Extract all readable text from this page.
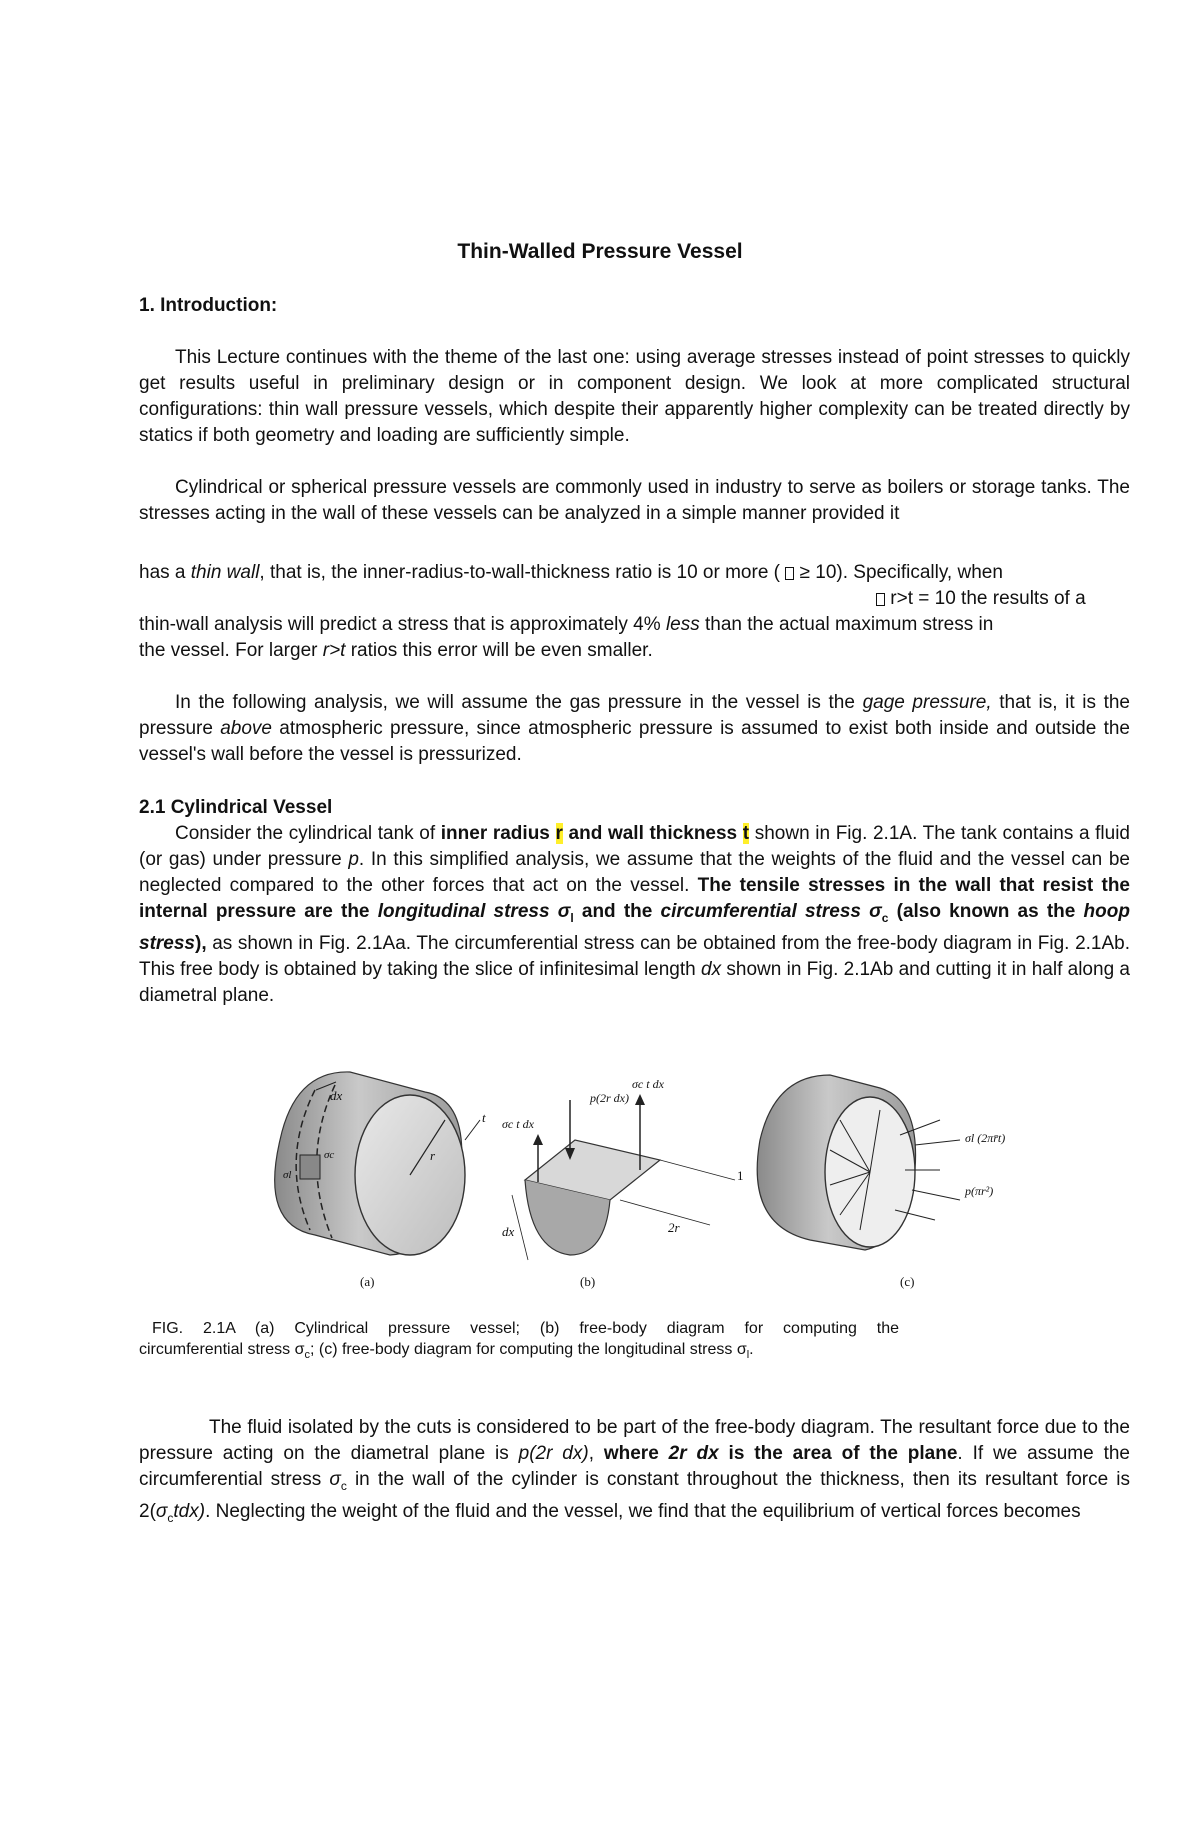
Thin-Walled Pressure Vessel
1. Introduction:

This Lecture continues with the theme of the last one: using average stresses instead of point stresses to quickly get results useful in preliminary design or in component design. We look at more complicated structural configurations: thin wall pressure vessels, which despite their apparently higher complexity can be treated directly by statics if both geometry and loading are sufficiently simple.

Cylindrical or spherical pressure vessels are commonly used in industry to serve as boilers or storage tanks. The stresses acting in the wall of these vessels can be analyzed in a simple manner provided it

has a thin wall, that is, the inner-radius-to-wall-thickness ratio is 10 or more (  ≥ 10). Specifically, when
r>t = 10 the results of a
thin-wall analysis will predict a stress that is approximately 4% less than the actual maximum stress in
the vessel. For larger r>t ratios this error will be even smaller.

In the following analysis, we will assume the gas pressure in the vessel is the gage pressure, that is, it is the pressure above atmospheric pressure, since atmospheric pressure is assumed to exist both inside and outside the vessel's wall before the vessel is pressurized.

2.1 Cylindrical Vessel

Consider the cylindrical tank of inner radius r and wall thickness t shown in Fig. 2.1A. The tank contains a fluid (or gas) under pressure p. In this simplified analysis, we assume that the weights of the fluid and the vessel can be neglected compared to the other forces that act on the vessel. The tensile stresses in the wall that resist the internal pressure are the longitudinal stress $\sigma_l$ and the circumferential stress $\sigma_c$ (also known as the hoop stress), as shown in Fig. 2.1Aa. The circumferential stress can be obtained from the free-body diagram in Fig. 2.1Ab. This free body is obtained by taking the slice of infinitesimal length dx shown in Fig. 2.1Ab and cutting it in half along a diametral plane.

dx
t
r
σc
σl
(a)
p(2r dx)
σc t dx
σc t dx
dx	2r
1
(b)
σl (2πr̄t)
p(πr²)
(c)
FIG. 2.1A (a) Cylindrical pressure vessel; (b) free-body diagram for computing the
circumferential stress $\sigma_c$; (c) free-body diagram for computing the longitudinal stress $\sigma_l$.

The fluid isolated by the cuts is considered to be part of the free-body diagram. The resultant force due to the pressure acting on the diametral plane is p(2r dx), where 2r dx is the area of the plane. If we assume the circumferential stress $\sigma_c$ in the wall of the cylinder is constant throughout the thickness, then its resultant force is $2(\sigma_ctdx)$. Neglecting the weight of the fluid and the vessel, we find that the equilibrium of vertical forces becomes
